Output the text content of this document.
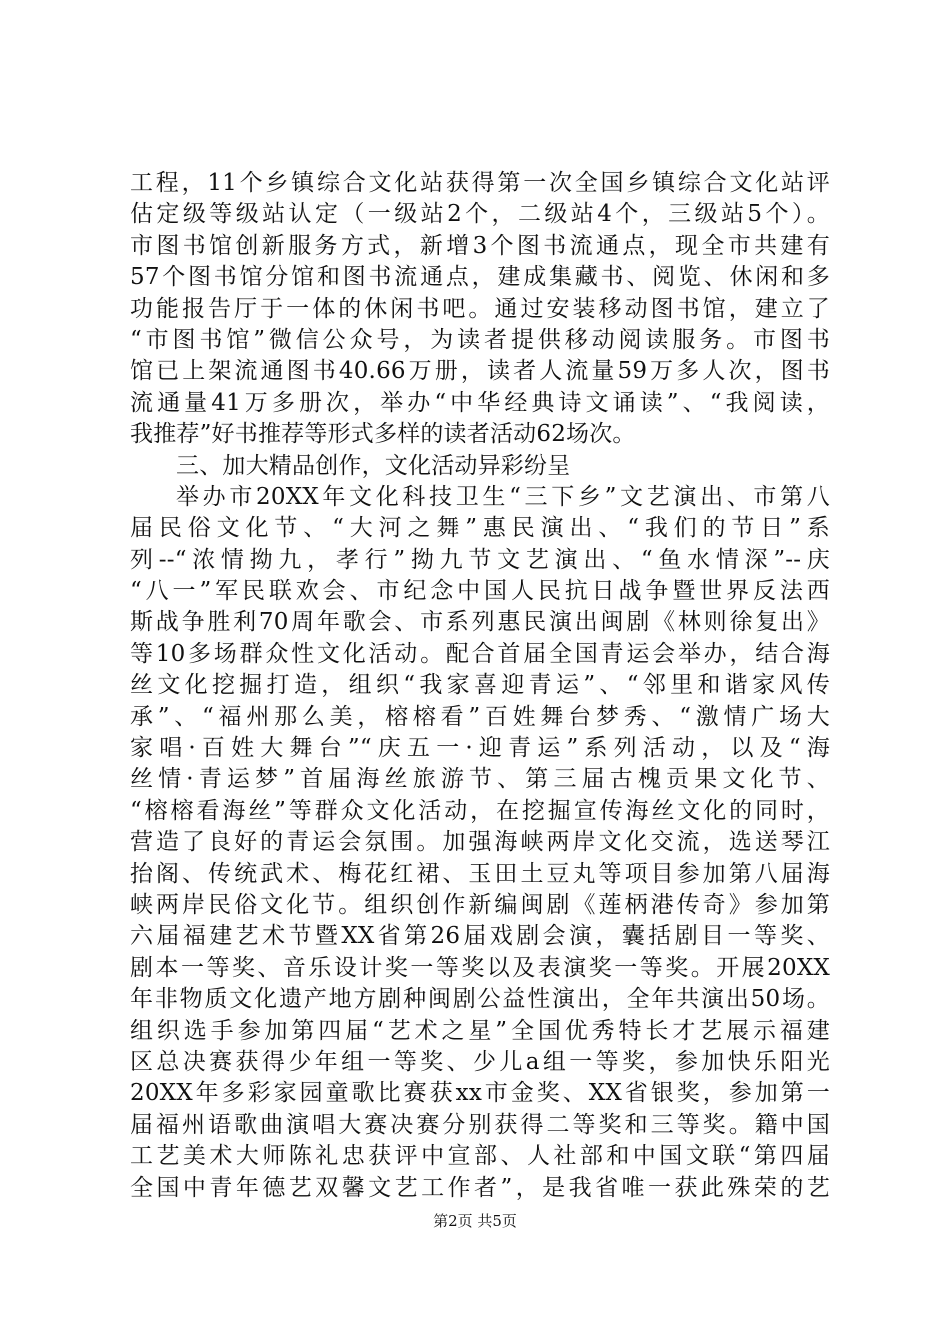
工程，11个乡镇综合文化站获得第一次全国乡镇综合文化站评
估定级等级站认定（一级站2个，二级站4个，三级站5个）。
市图书馆创新服务方式，新增3个图书流通点，现全市共建有
57个图书馆分馆和图书流通点，建成集藏书、阅览、休闲和多
功能报告厅于一体的休闲书吧。通过安装移动图书馆，建立了
“市图书馆”微信公众号，为读者提供移动阅读服务。市图书
馆已上架流通图书40.66万册，读者人流量59万多人次，图书
流通量41万多册次，举办“中华经典诗文诵读”、“我阅读，
我推荐”好书推荐等形式多样的读者活动62场次。
三、加大精品创作，文化活动异彩纷呈
举办市20XX年文化科技卫生“三下乡”文艺演出、市第八
届民俗文化节、“大河之舞”惠民演出、“我们的节日”系
列--“浓情拗九，孝行”拗九节文艺演出、“鱼水情深”--庆
“八一”军民联欢会、市纪念中国人民抗日战争暨世界反法西
斯战争胜利70周年歌会、市系列惠民演出闽剧《林则徐复出》
等10多场群众性文化活动。配合首届全国青运会举办，结合海
丝文化挖掘打造，组织“我家喜迎青运”、“邻里和谐家风传
承”、“福州那么美，榕榕看”百姓舞台梦秀、“激情广场大
家唱·百姓大舞台”“庆五一·迎青运”系列活动，以及“海
丝情·青运梦”首届海丝旅游节、第三届古槐贡果文化节、
“榕榕看海丝”等群众文化活动，在挖掘宣传海丝文化的同时，
营造了良好的青运会氛围。加强海峡两岸文化交流，选送琴江
抬阁、传统武术、梅花红裙、玉田土豆丸等项目参加第八届海
峡两岸民俗文化节。组织创作新编闽剧《莲柄港传奇》参加第
六届福建艺术节暨XX省第26届戏剧会演，囊括剧目一等奖、
剧本一等奖、音乐设计奖一等奖以及表演奖一等奖。开展20XX
年非物质文化遗产地方剧种闽剧公益性演出，全年共演出50场。
组织选手参加第四届“艺术之星”全国优秀特长才艺展示福建
区总决赛获得少年组一等奖、少儿a组一等奖，参加快乐阳光
20XX年多彩家园童歌比赛获xx市金奖、XX省银奖，参加第一
届福州语歌曲演唱大赛决赛分别获得二等奖和三等奖。籍中国
工艺美术大师陈礼忠获评中宣部、人社部和中国文联“第四届
全国中青年德艺双馨文艺工作者”，是我省唯一获此殊荣的艺
第2页 共5页
